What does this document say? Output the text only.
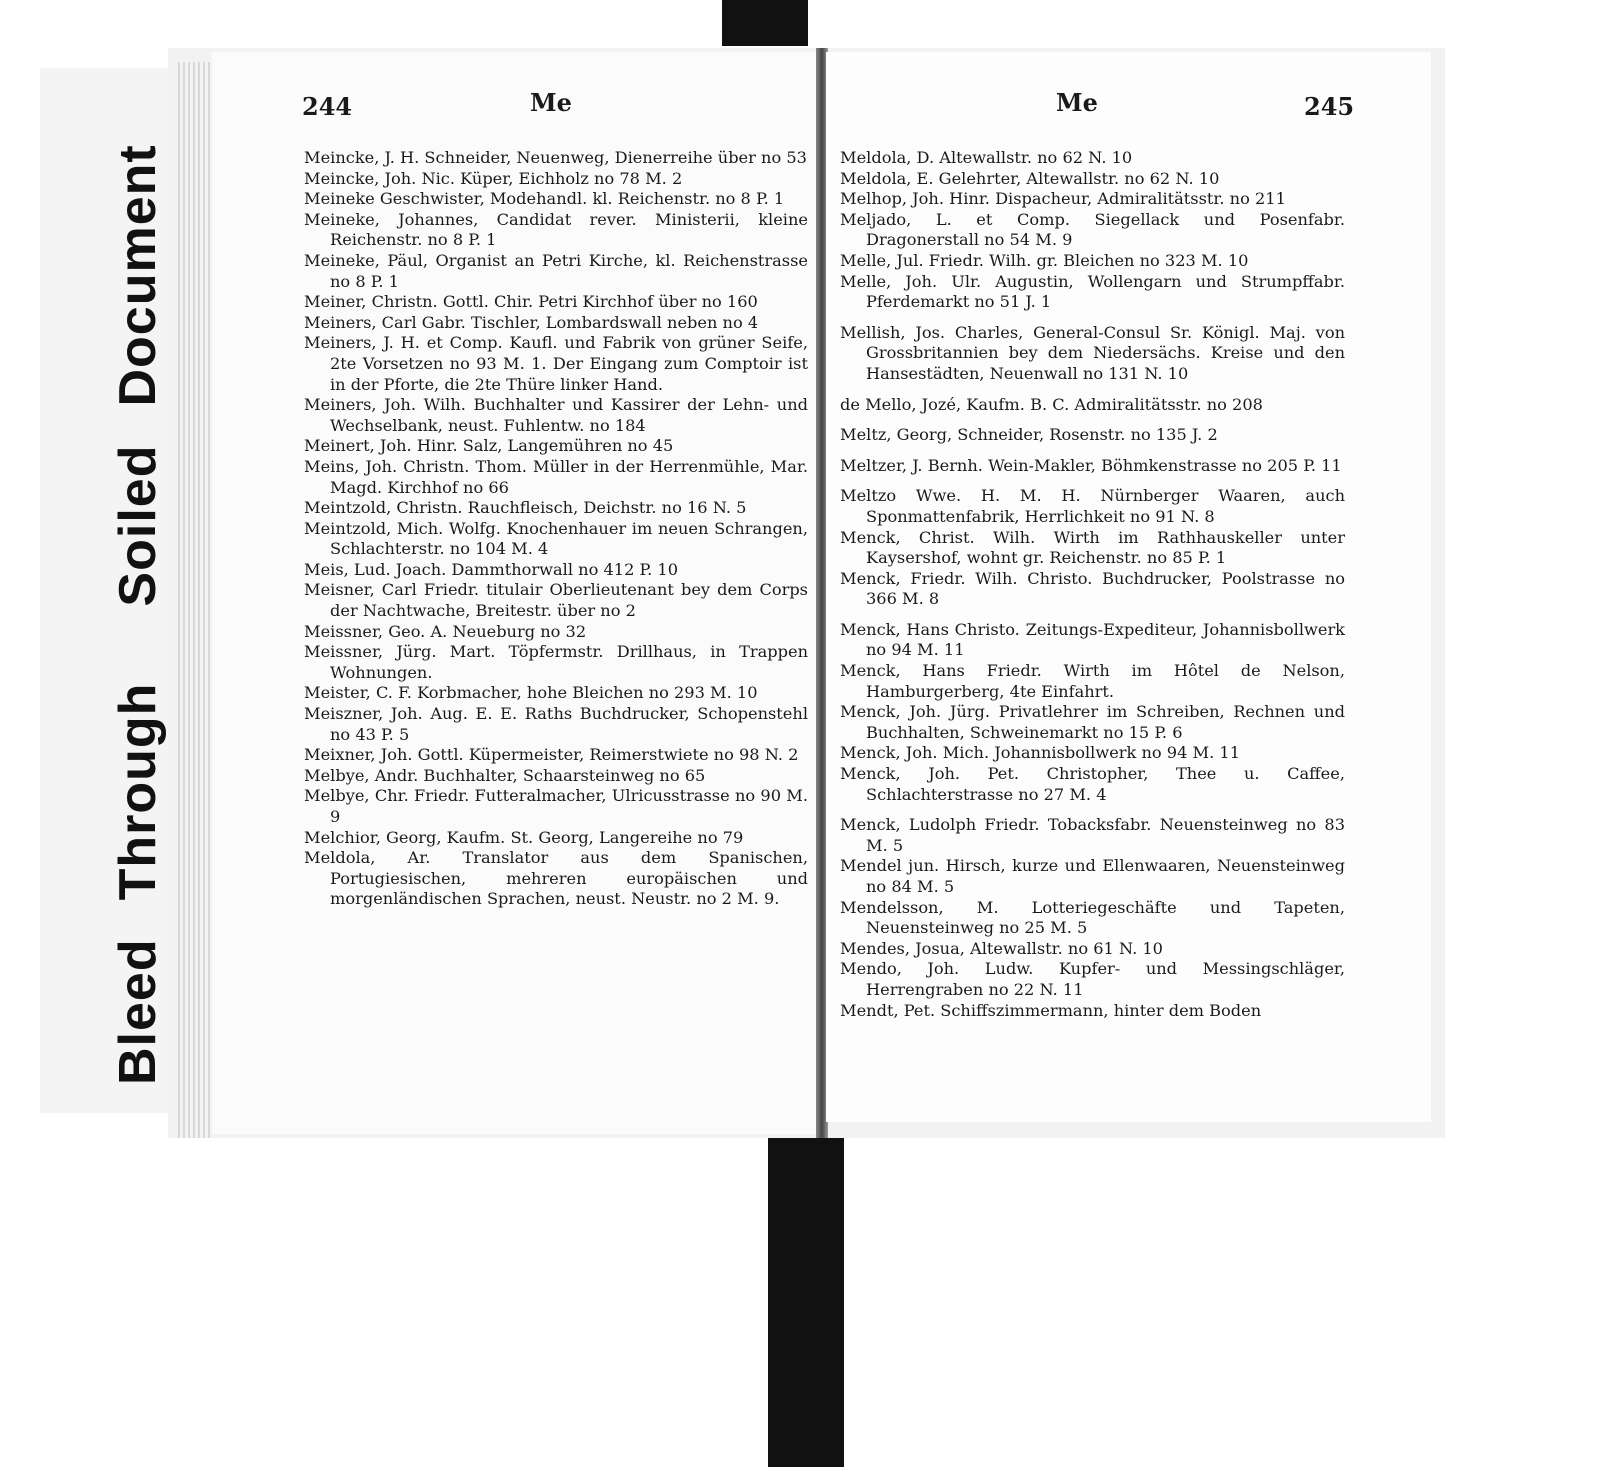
BleedThroughSoiledDocument
244	Me
Meincke, J. H. Schneider, Neuenweg, Dienerreihe über no 53
Meincke, Joh. Nic. Küper, Eichholz no 78 M. 2
Meineke Geschwister, Modehandl. kl. Reichenstr. no 8 P. 1
Meineke, Johannes, Candidat rever. Ministerii, kleine Reichenstr. no 8 P. 1
Meineke, Päul, Organist an Petri Kirche, kl. Reichenstrasse no 8 P. 1
Meiner, Christn. Gottl. Chir. Petri Kirchhof über no 160
Meiners, Carl Gabr. Tischler, Lombardswall neben no 4
Meiners, J. H. et Comp. Kaufl. und Fabrik von grüner Seife, 2te Vorsetzen no 93 M. 1. Der Eingang zum Comptoir ist in der Pforte, die 2te Thüre linker Hand.
Meiners, Joh. Wilh. Buchhalter und Kassirer der Lehn- und Wechselbank, neust. Fuhlentw. no 184
Meinert, Joh. Hinr. Salz, Langemühren no 45
Meins, Joh. Christn. Thom. Müller in der Herrenmühle, Mar. Magd. Kirchhof no 66
Meintzold, Christn. Rauchfleisch, Deichstr. no 16 N. 5
Meintzold, Mich. Wolfg. Knochenhauer im neuen Schrangen, Schlachterstr. no 104 M. 4
Meis, Lud. Joach. Dammthorwall no 412 P. 10
Meisner, Carl Friedr. titulair Oberlieutenant bey dem Corps der Nachtwache, Breitestr. über no 2
Meissner, Geo. A. Neueburg no 32
Meissner, Jürg. Mart. Töpfermstr. Drillhaus, in Trappen Wohnungen.
Meister, C. F. Korbmacher, hohe Bleichen no 293 M. 10
Meiszner, Joh. Aug. E. E. Raths Buchdrucker, Schopenstehl no 43 P. 5
Meixner, Joh. Gottl. Küpermeister, Reimerstwiete no 98 N. 2
Melbye, Andr. Buchhalter, Schaarsteinweg no 65
Melbye, Chr. Friedr. Futteralmacher, Ulricusstrasse no 90 M. 9
Melchior, Georg, Kaufm. St. Georg, Langereihe no 79
Meldola, Ar. Translator aus dem Spanischen, Portugiesischen, mehreren europäischen und morgenländischen Sprachen, neust. Neustr. no 2 M. 9.
Me	245
Meldola, D. Altewallstr. no 62 N. 10
Meldola, E. Gelehrter, Altewallstr. no 62 N. 10
Melhop, Joh. Hinr. Dispacheur, Admiralitätsstr. no 211
Meljado, L. et Comp. Siegellack und Posenfabr. Dragonerstall no 54 M. 9
Melle, Jul. Friedr. Wilh. gr. Bleichen no 323 M. 10
Melle, Joh. Ulr. Augustin, Wollengarn und Strumpffabr. Pferdemarkt no 51 J. 1
Mellish, Jos. Charles, General-Consul Sr. Königl. Maj. von Grossbritannien bey dem Niedersächs. Kreise und den Hansestädten, Neuenwall no 131 N. 10
de Mello, Jozé, Kaufm. B. C. Admiralitätsstr. no 208
Meltz, Georg, Schneider, Rosenstr. no 135 J. 2
Meltzer, J. Bernh. Wein-Makler, Böhmkenstrasse no 205 P. 11
Meltzo Wwe. H. M. H. Nürnberger Waaren, auch Sponmattenfabrik, Herrlichkeit no 91 N. 8
Menck, Christ. Wilh. Wirth im Rathhauskeller unter Kaysershof, wohnt gr. Reichenstr. no 85 P. 1
Menck, Friedr. Wilh. Christo. Buchdrucker, Poolstrasse no 366 M. 8
Menck, Hans Christo. Zeitungs-Expediteur, Johannisbollwerk no 94 M. 11
Menck, Hans Friedr. Wirth im Hôtel de Nelson, Hamburgerberg, 4te Einfahrt.
Menck, Joh. Jürg. Privatlehrer im Schreiben, Rechnen und Buchhalten, Schweinemarkt no 15 P. 6
Menck, Joh. Mich. Johannisbollwerk no 94 M. 11
Menck, Joh. Pet. Christopher, Thee u. Caffee, Schlachterstrasse no 27 M. 4
Menck, Ludolph Friedr. Tobacksfabr. Neuensteinweg no 83 M. 5
Mendel jun. Hirsch, kurze und Ellenwaaren, Neuensteinweg no 84 M. 5
Mendelsson, M. Lotteriegeschäfte und Tapeten, Neuensteinweg no 25 M. 5
Mendes, Josua, Altewallstr. no 61 N. 10
Mendo, Joh. Ludw. Kupfer- und Messingschläger, Herrengraben no 22 N. 11
Mendt, Pet. Schiffszimmermann, hinter dem Boden
